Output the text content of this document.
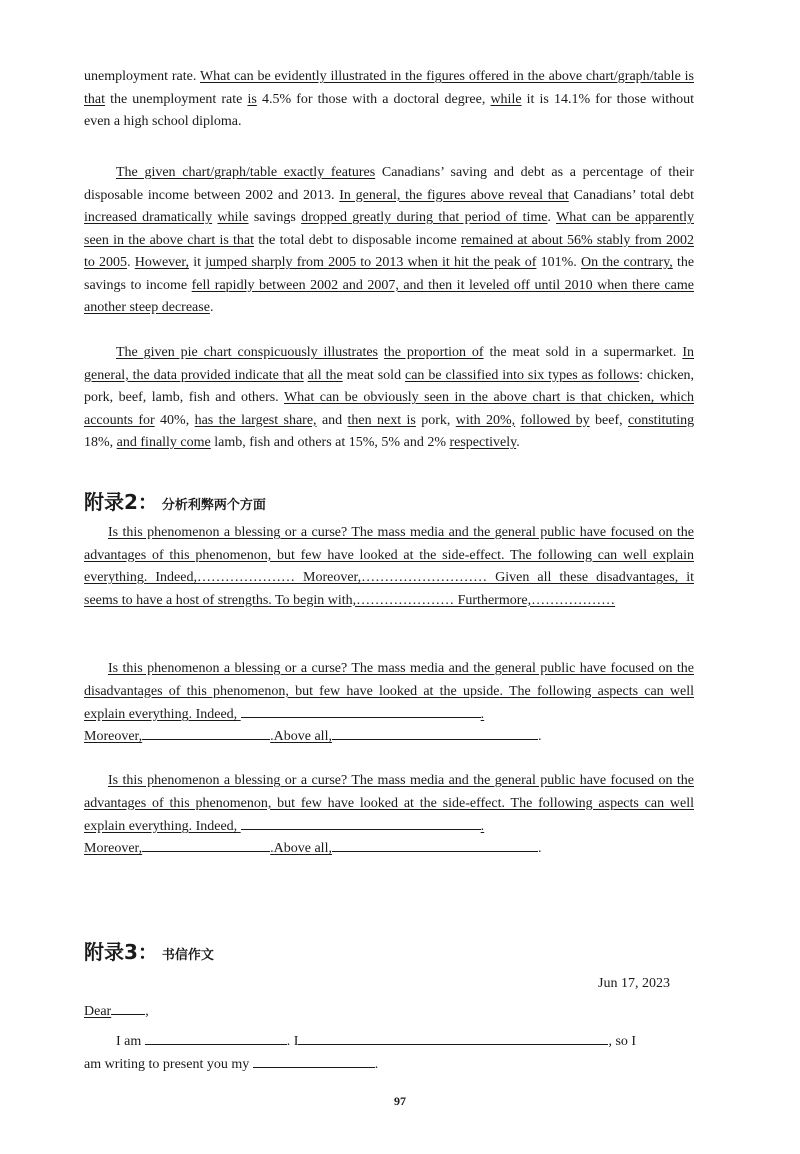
unemployment rate. What can be evidently illustrated in the figures offered in the above chart/graph/table is that the unemployment rate is 4.5% for those with a doctoral degree, while it is 14.1% for those without even a high school diploma.

The given chart/graph/table exactly features Canadians’ saving and debt as a percentage of their disposable income between 2002 and 2013. In general, the figures above reveal that Canadians’ total debt increased dramatically while savings dropped greatly during that period of time. What can be apparently seen in the above chart is that the total debt to disposable income remained at about 56% stably from 2002 to 2005. However, it jumped sharply from 2005 to 2013 when it hit the peak of 101%. On the contrary, the savings to income fell rapidly between 2002 and 2007, and then it leveled off until 2010 when there came another steep decrease.

The given pie chart conspicuously illustrates the proportion of the meat sold in a supermarket. In general, the data provided indicate that all the meat sold can be classified into six types as follows: chicken, pork, beef, lamb, fish and others. What can be obviously seen in the above chart is that chicken, which accounts for 40%, has the largest share, and then next is pork, with 20%, followed by beef, constituting 18%, and finally come lamb, fish and others at 15%, 5% and 2% respectively.

附录2： 分析利弊两个方面

Is this phenomenon a blessing or a curse? The mass media and the general public have focused on the advantages of this phenomenon, but few have looked at the side-effect. The following can well explain everything. Indeed,………………… Moreover,……………………… Given all these disadvantages, it seems to have a host of strengths. To begin with,………………… Furthermore,………………

Is this phenomenon a blessing or a curse? The mass media and the general public have focused on the disadvantages of this phenomenon, but few have looked at the upside. The following aspects can well explain everything. Indeed,	.

Moreover,	.Above all,	.

Is this phenomenon a blessing or a curse? The mass media and the general public have focused on the advantages of this phenomenon, but few have looked at the side-effect. The following aspects can well explain everything. Indeed,	.

Moreover,	.Above all,	.
附录3： 书信作文
Jun 17, 2023
Dear ,
I am	. I	, so I
am writing to present you my	.
97
